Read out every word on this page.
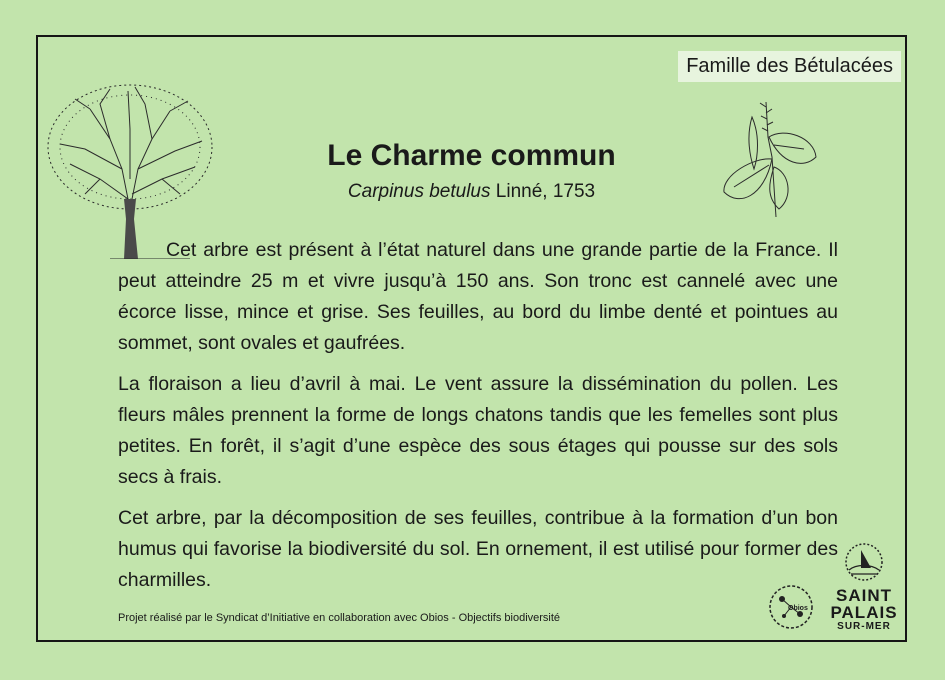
Famille des Bétulacées
Le Charme commun
Carpinus betulus Linné, 1753

Cet arbre est présent à l’état naturel dans une grande partie de la France. Il peut atteindre 25 m et vivre jusqu’à 150 ans. Son tronc est cannelé avec une écorce lisse, mince et grise. Ses feuilles, au bord du limbe denté et pointues au sommet, sont ovales et gaufrées.

La floraison a lieu d’avril à mai. Le vent assure la dissémination du pollen. Les fleurs mâles prennent la forme de longs chatons tandis que les femelles sont plus petites. En forêt, il s’agit d’une espèce des sous étages qui pousse sur des sols secs à frais.

Cet arbre, par la décomposition de ses feuilles, contribue à la formation d’un bon humus qui favorise la biodiversité du sol. En ornement, il est utilisé pour former des charmilles.

Projet réalisé par le Syndicat d’Initiative en collaboration avec Obios - Objectifs biodiversité
Obios
SAINT
PALAIS
SUR-MER
